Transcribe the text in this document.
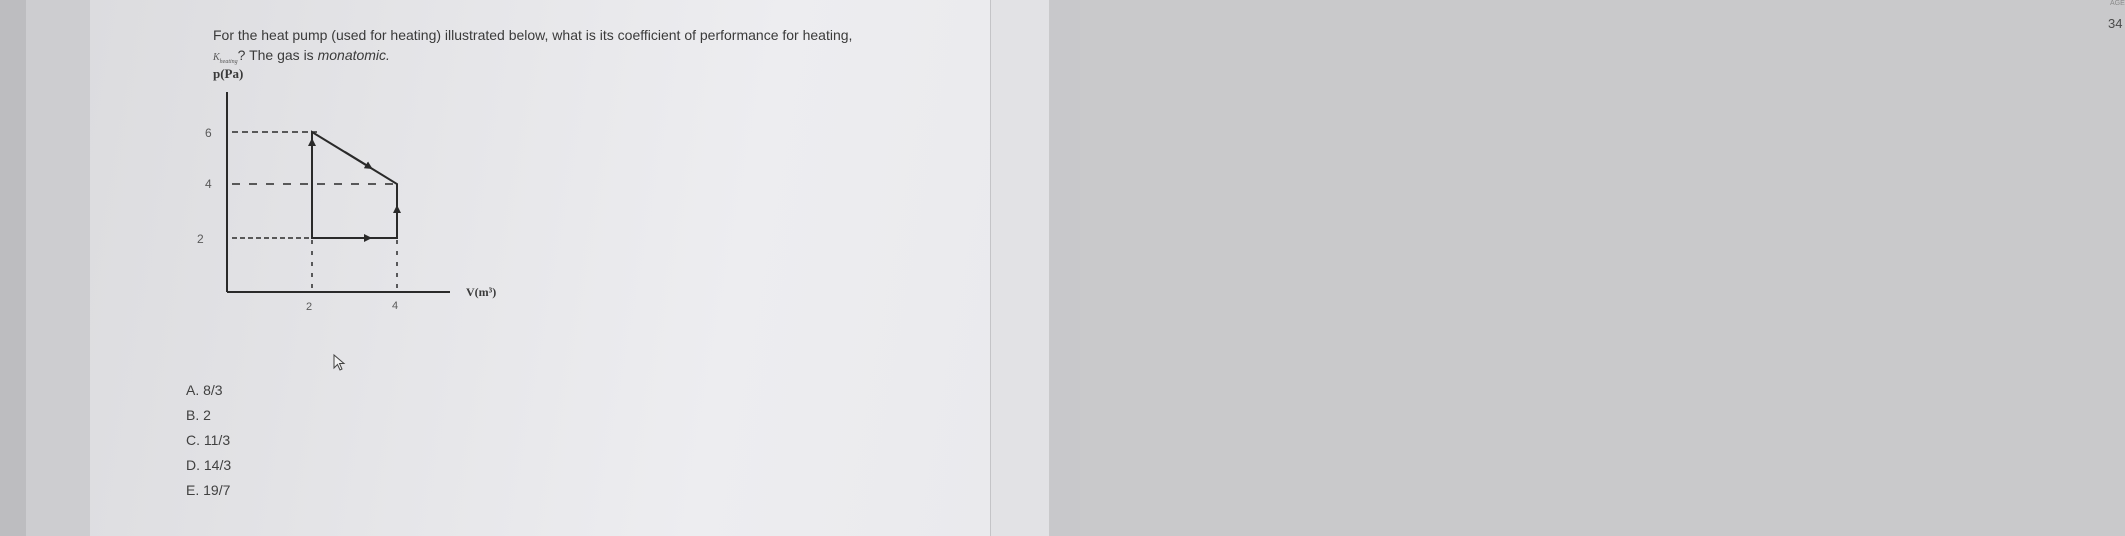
For the heat pump (used for heating) illustrated below, what is its coefficient of performance for heating,
$K_{heating}$? The gas is monatomic.
p(Pa)
V(m³)
6
4
2
2	4
A. 8/3
B. 2
C. 11/3
D. 14/3
E. 19/7
AGE
34
